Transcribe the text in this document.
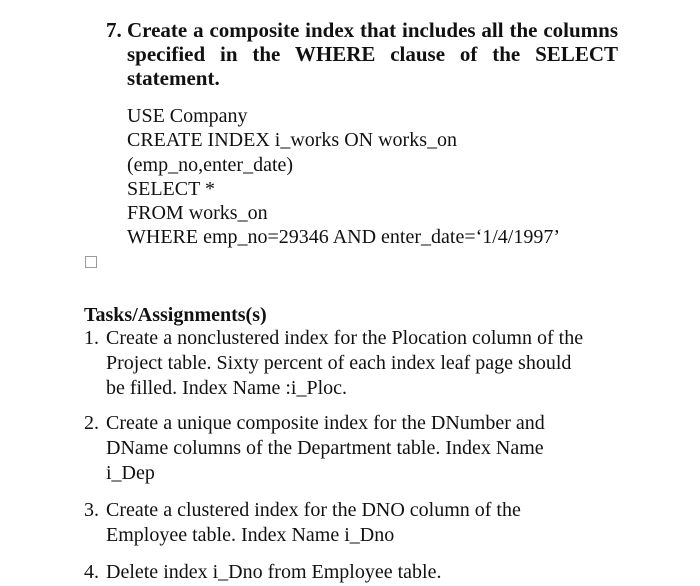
7. Create a composite index that includes all the columns specified in the WHERE clause of the SELECT statement.
USE Company
CREATE INDEX i_works ON works_on
(emp_no,enter_date)
SELECT *
FROM works_on
WHERE emp_no=29346 AND enter_date=‘1/4/1997’
Tasks/Assignments(s)
1. Create a nonclustered index for the Plocation column of the
Project table. Sixty percent of each index leaf page should
be filled. Index Name :i_Ploc.
2. Create a unique composite index for the DNumber and
DName columns of the Department table. Index Name
i_Dep
3. Create a clustered index for the DNO column of the
Employee table. Index Name i_Dno
4. Delete index i_Dno from Employee table.
